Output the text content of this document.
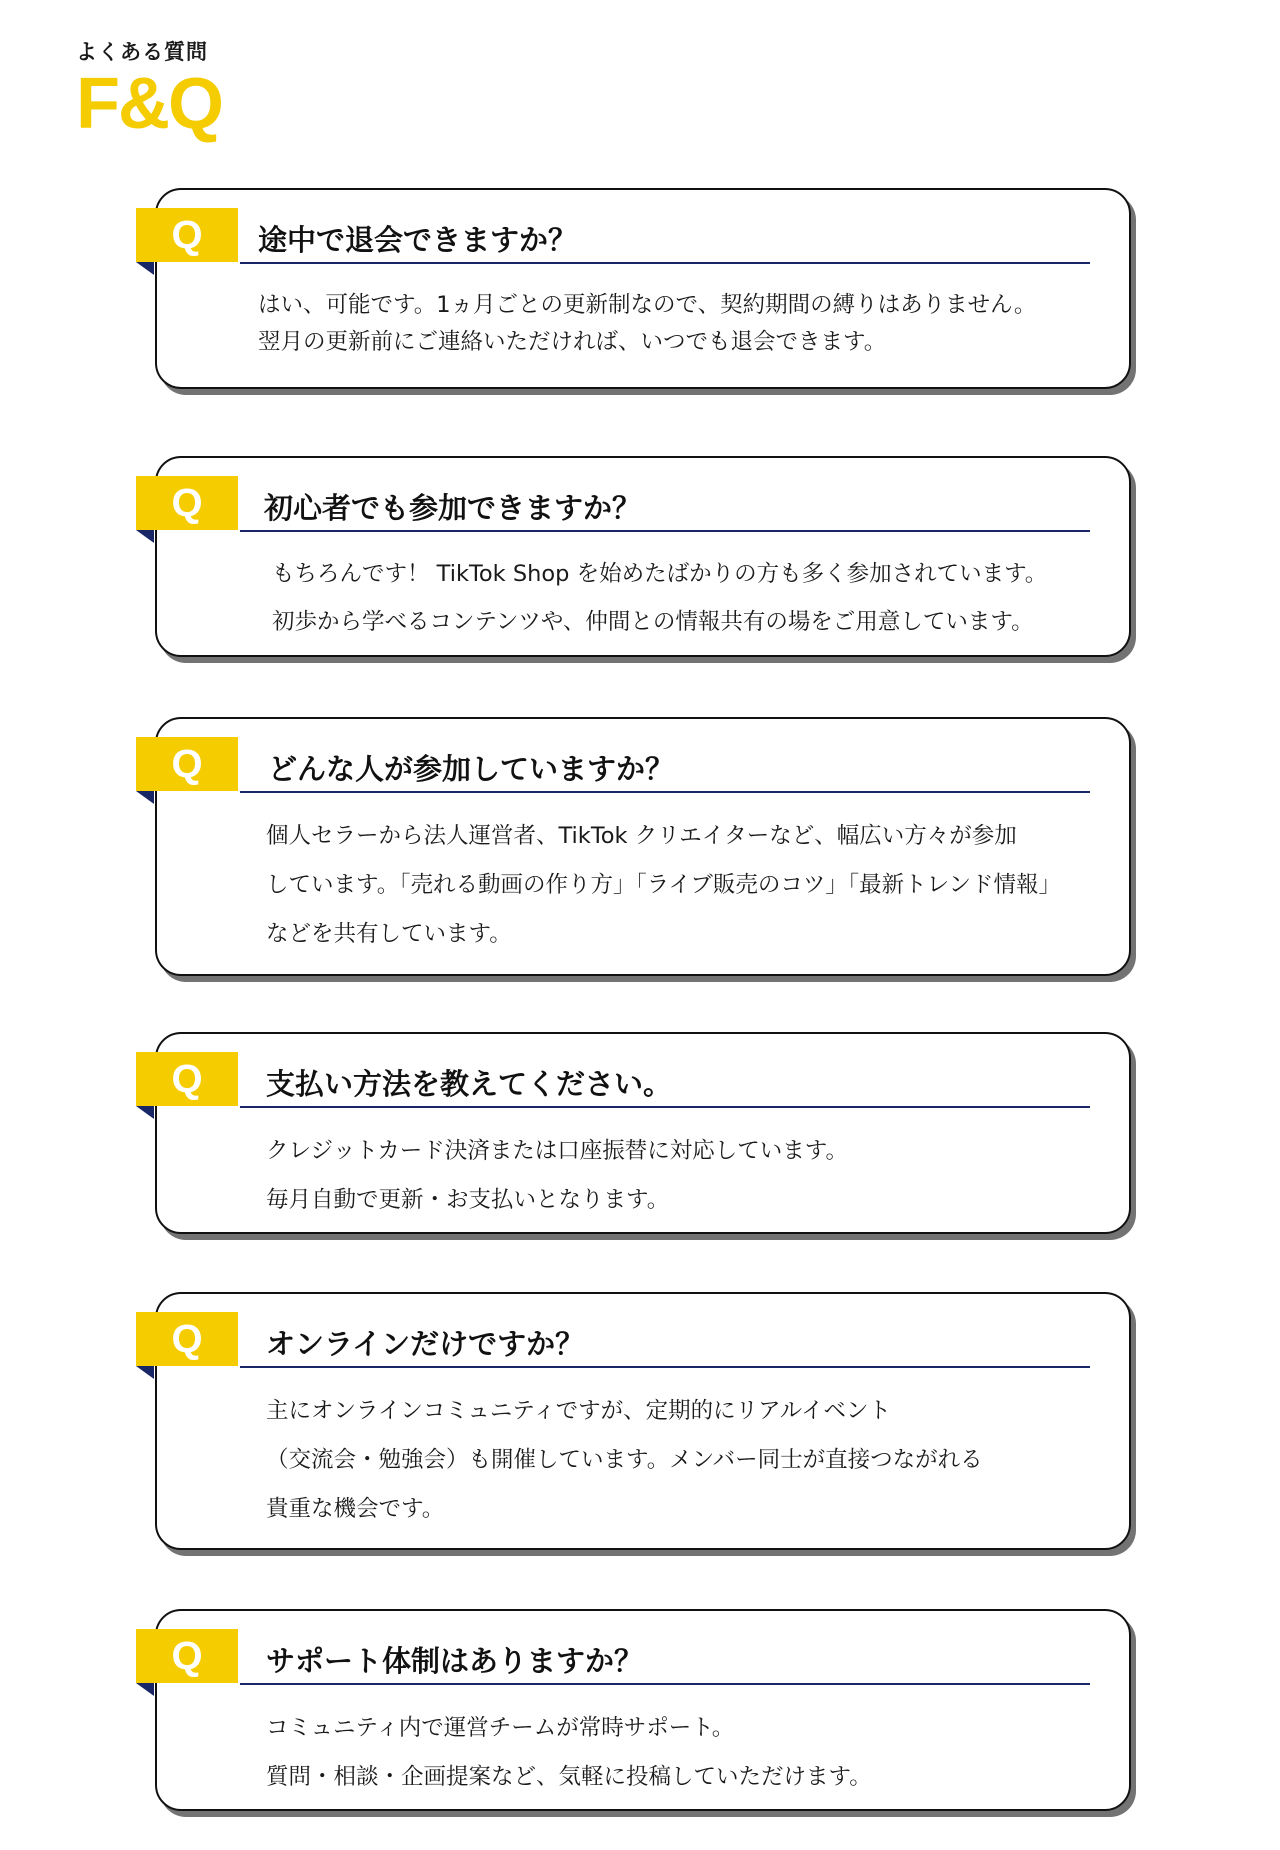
よくある質問
F&Q
Q	途中で退会できますか？
はい、可能です。1ヵ月ごとの更新制なので、契約期間の縛りはありません。
翌月の更新前にご連絡いただければ、いつでも退会できます。
Q	初心者でも参加できますか？
もちろんです！ TikTok Shop を始めたばかりの方も多く参加されています。
初歩から学べるコンテンツや、仲間との情報共有の場をご用意しています。
Q	どんな人が参加していますか？
個人セラーから法人運営者、TikTok クリエイターなど、幅広い方々が参加
しています。「売れる動画の作り方」「ライブ販売のコツ」「最新トレンド情報」
などを共有しています。
Q	支払い方法を教えてください。
クレジットカード決済または口座振替に対応しています。
毎月自動で更新・お支払いとなります。
Q	オンラインだけですか？
主にオンラインコミュニティですが、定期的にリアルイベント
（交流会・勉強会）も開催しています。メンバー同士が直接つながれる
貴重な機会です。
Q	サポート体制はありますか？
コミュニティ内で運営チームが常時サポート。
質問・相談・企画提案など、気軽に投稿していただけます。
